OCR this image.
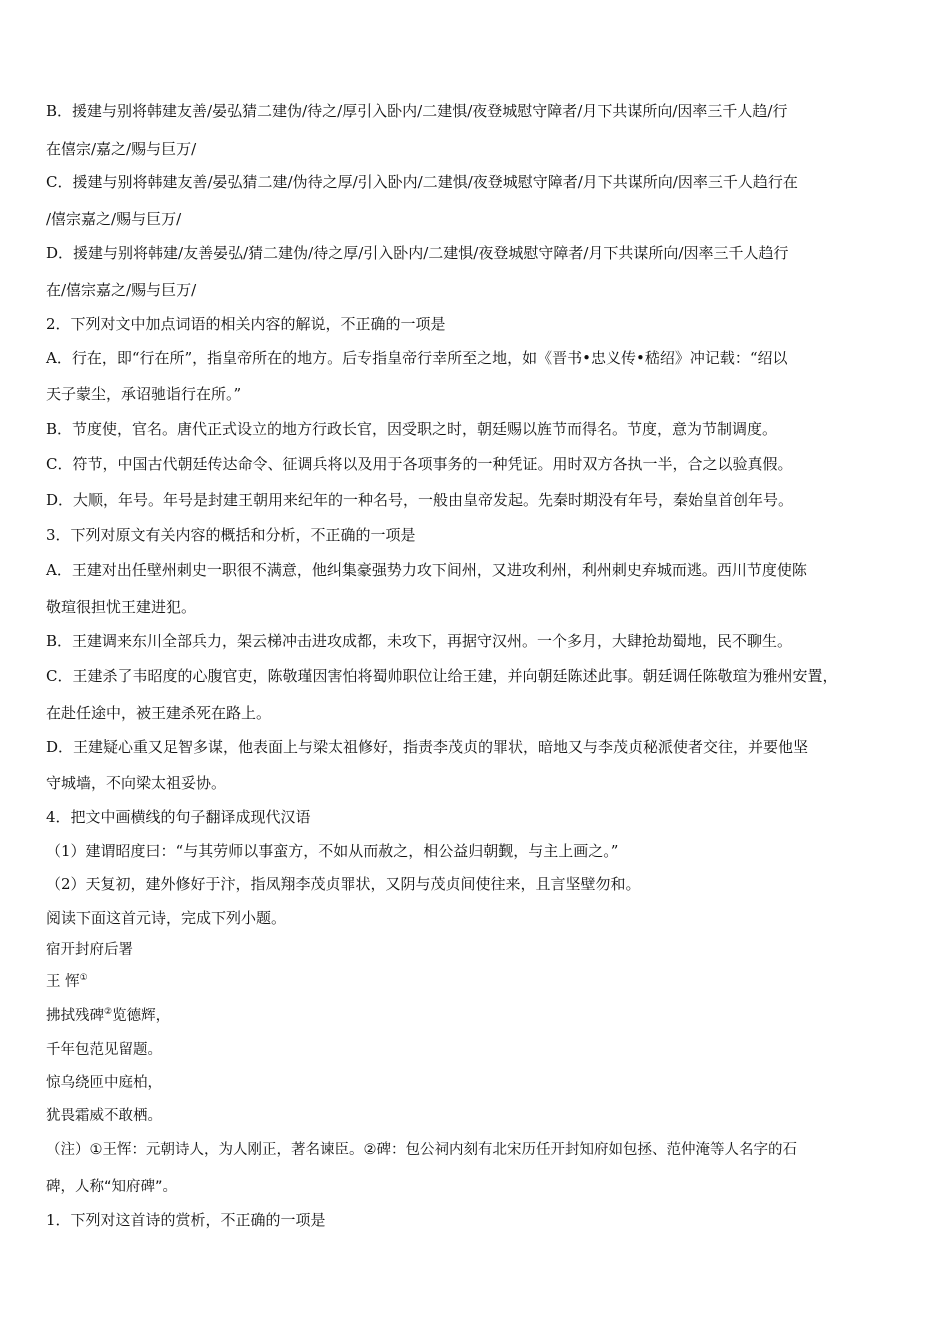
B．援建与别将韩建友善/晏弘猜二建伪/待之/厚引入卧内/二建惧/夜登城慰守障者/月下共谋所向/因率三千人趋/行
在僖宗/嘉之/赐与巨万/
C．援建与别将韩建友善/晏弘猜二建/伪待之厚/引入卧内/二建惧/夜登城慰守障者/月下共谋所向/因率三千人趋行在
/僖宗嘉之/赐与巨万/
D．援建与别将韩建/友善晏弘/猜二建伪/待之厚/引入卧内/二建惧/夜登城慰守障者/月下共谋所向/因率三千人趋行
在/僖宗嘉之/赐与巨万/
2．下列对文中加点词语的相关内容的解说，不正确的一项是
A．行在，即“行在所”，指皇帝所在的地方。后专指皇帝行幸所至之地，如《晋书•忠义传•嵇绍》冲记载：“绍以
天子蒙尘，承诏驰诣行在所。”
B．节度使，官名。唐代正式设立的地方行政长官，因受职之时，朝廷赐以旌节而得名。节度，意为节制调度。
C．符节，中国古代朝廷传达命令、征调兵将以及用于各项事务的一种凭证。用时双方各执一半，合之以验真假。
D．大顺，年号。年号是封建王朝用来纪年的一种名号，一般由皇帝发起。先秦时期没有年号，秦始皇首创年号。
3．下列对原文有关内容的概括和分析，不正确的一项是
A．王建对出任壁州刺史一职很不满意，他纠集豪强势力攻下间州，又进攻利州，利州刺史弃城而逃。西川节度使陈
敬瑄很担忧王建进犯。
B．王建调来东川全部兵力，架云梯冲击进攻成都，未攻下，再据守汉州。一个多月，大肆抢劫蜀地，民不聊生。
C．王建杀了韦昭度的心腹官吏，陈敬瑾因害怕将蜀帅职位让给王建，并向朝廷陈述此事。朝廷调任陈敬瑄为雅州安置，
在赴任途中，被王建杀死在路上。
D．王建疑心重又足智多谋，他表面上与梁太祖修好，指责李茂贞的罪状，暗地又与李茂贞秘派使者交往，并要他坚
守城墙，不向梁太祖妥协。
4．把文中画横线的句子翻译成现代汉语
（1）建谓昭度曰：“与其劳师以事蛮方，不如从而赦之，相公益归朝觐，与主上画之。”
（2）天复初，建外修好于汴，指凤翔李茂贞罪状，又阴与茂贞间使往来，且言坚壁勿和。
阅读下面这首元诗，完成下列小题。
宿开封府后署
王 恽①
拂拭残碑②览德辉，
千年包范见留题。
惊乌绕匝中庭柏，
犹畏霜威不敢栖。
（注）①王恽：元朝诗人，为人刚正，著名谏臣。②碑：包公祠内刻有北宋历任开封知府如包拯、范仲淹等人名字的石
碑，人称“知府碑”。
1．下列对这首诗的赏析，不正确的一项是
